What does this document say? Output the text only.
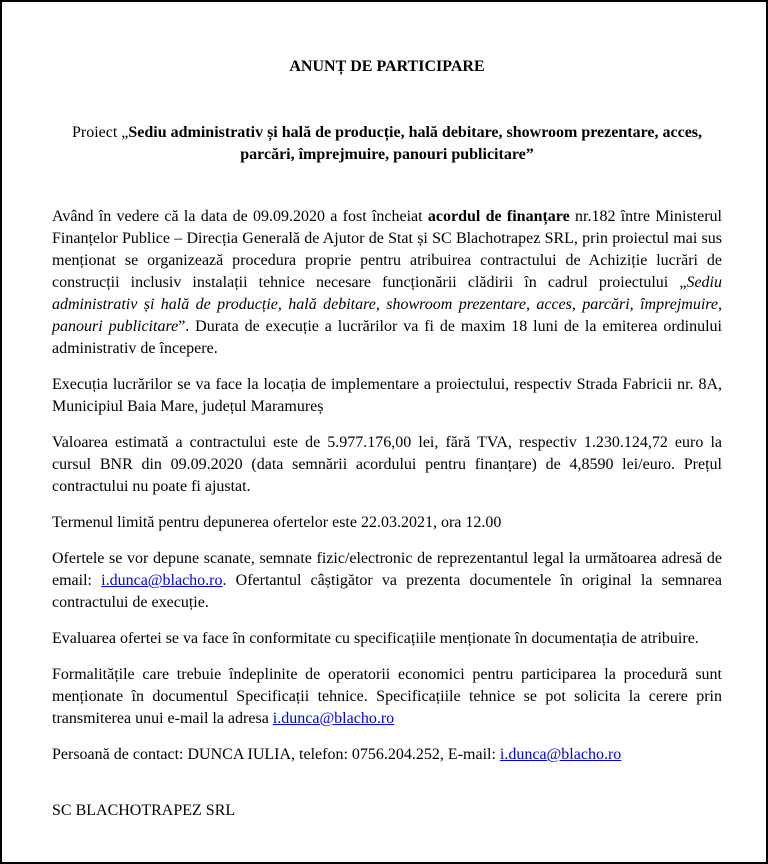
ANUNȚ DE PARTICIPARE
Proiect „Sediu administrativ și hală de producție, hală debitare, showroom prezentare, acces, parcări, împrejmuire, panouri publicitare”

Având în vedere că la data de 09.09.2020 a fost încheiat acordul de finanțare nr.182 între Ministerul Finanțelor Publice – Direcția Generală de Ajutor de Stat și SC Blachotrapez SRL, prin proiectul mai sus menționat se organizează procedura proprie pentru atribuirea contractului de Achiziție lucrări de construcții inclusiv instalații tehnice necesare funcționării clădirii în cadrul proiectului „Sediu administrativ și hală de producție, hală debitare, showroom prezentare, acces, parcări, împrejmuire, panouri publicitare”. Durata de execuție a lucrărilor va fi de maxim 18 luni de la emiterea ordinului administrativ de începere.

Execuția lucrărilor se va face la locația de implementare a proiectului, respectiv Strada Fabricii nr. 8A, Municipiul Baia Mare, județul Maramureș

Valoarea estimată a contractului este de 5.977.176,00 lei, fără TVA, respectiv 1.230.124,72 euro la cursul BNR din 09.09.2020 (data semnării acordului pentru finanțare) de 4,8590 lei/euro. Prețul contractului nu poate fi ajustat.

Termenul limită pentru depunerea ofertelor este 22.03.2021, ora 12.00

Ofertele se vor depune scanate, semnate fizic/electronic de reprezentantul legal la următoarea adresă de email: i.dunca@blacho.ro. Ofertantul câștigător va prezenta documentele în original la semnarea contractului de execuție.

Evaluarea ofertei se va face în conformitate cu specificațiile menționate în documentația de atribuire.

Formalitățile care trebuie îndeplinite de operatorii economici pentru participarea la procedură sunt menționate în documentul Specificații tehnice. Specificațiile tehnice se pot solicita la cerere prin transmiterea unui e-mail la adresa i.dunca@blacho.ro

Persoană de contact: DUNCA IULIA, telefon: 0756.204.252, E-mail: i.dunca@blacho.ro

SC BLACHOTRAPEZ SRL
